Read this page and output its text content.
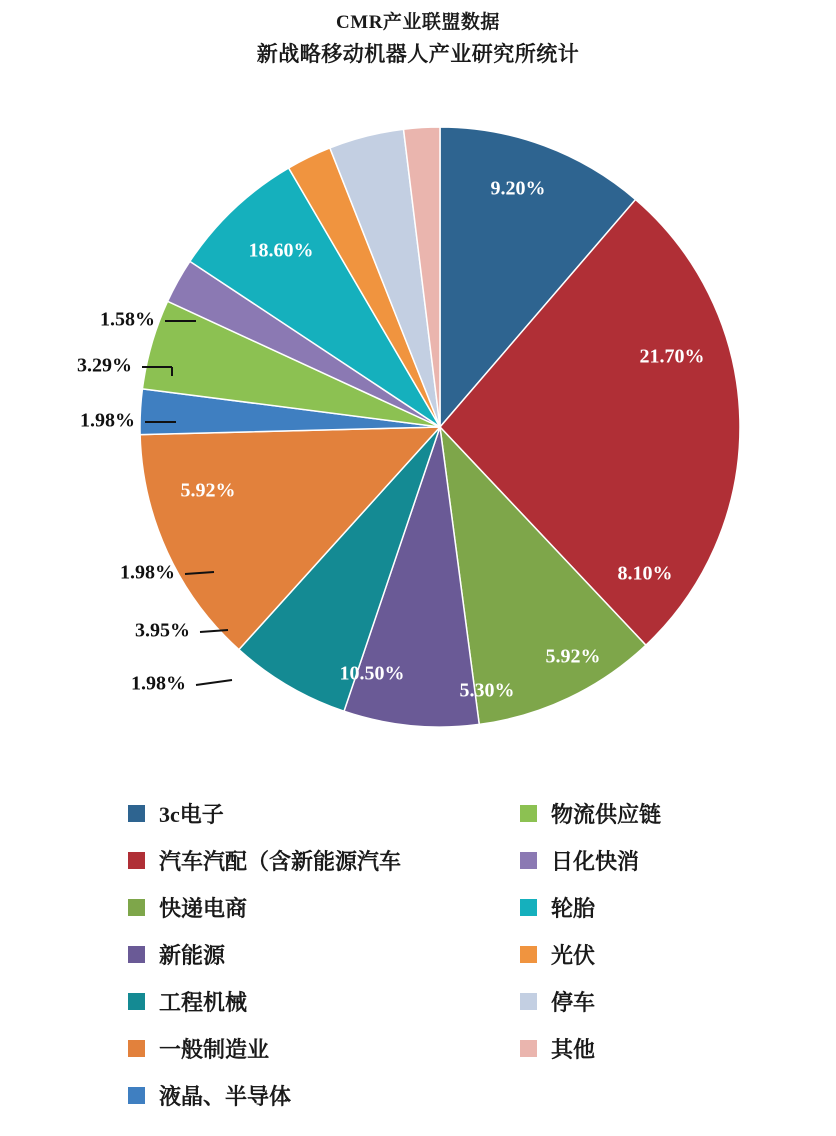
CMR产业联盟数据
新战略移动机器人产业研究所统计
9.20%
21.70%
8.10%
5.92%
5.30%
10.50%
5.92%
18.60%
1.98%
3.95%
1.98%
1.98%
3.29%
1.58%
3c电子
汽车汽配（含新能源汽车
快递电商
新能源
工程机械
一般制造业
液晶、半导体
物流供应链
日化快消
轮胎
光伏
停车
其他
